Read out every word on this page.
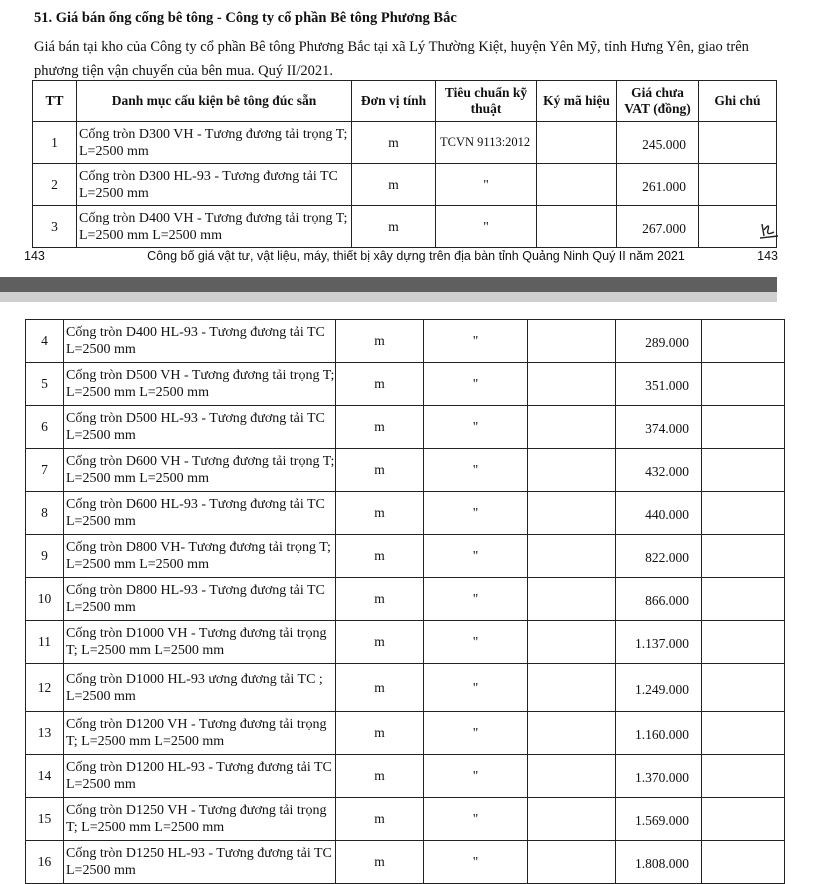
51. Giá bán ống cống bê tông - Công ty cổ phần Bê tông Phương Bắc
Giá bán tại kho của Công ty cổ phần Bê tông Phương Bắc tại xã Lý Thường Kiệt, huyện Yên Mỹ, tỉnh Hưng Yên, giao trên phương tiện vận chuyển của bên mua. Quý II/2021.
TT	Danh mục cấu kiện bê tông đúc sẵn	Đơn vị tính	Tiêu chuẩn kỹ thuật	Ký mã hiệu	Giá chưa VAT (đồng)	Ghi chú
1	Cống tròn D300 VH - Tương đương tải trọng T; L=2500 mm	m	TCVN 9113:2012		245.000	
2	Cống tròn D300 HL-93 - Tương đương tải TC L=2500 mm	m	"		261.000	
3	Cống tròn D400 VH - Tương đương tải trọng T; L=2500 mm L=2500 mm	m	"		267.000	
143	Công bố giá vật tư, vật liệu, máy, thiết bị xây dựng trên địa bàn tỉnh Quảng Ninh Quý II năm 2021	143
4	Cống tròn D400 HL-93 - Tương đương tải TC L=2500 mm	m	"		289.000	
5	Cống tròn D500 VH - Tương đương tải trọng T; L=2500 mm L=2500 mm	m	"		351.000	
6	Cống tròn D500 HL-93 - Tương đương tải TC L=2500 mm	m	"		374.000	
7	Cống tròn D600 VH - Tương đương tải trọng T; L=2500 mm L=2500 mm	m	"		432.000	
8	Cống tròn D600 HL-93 - Tương đương tải TC L=2500 mm	m	"		440.000	
9	Cống tròn D800 VH- Tương đương tải trọng T; L=2500 mm L=2500 mm	m	"		822.000	
10	Cống tròn D800 HL-93 - Tương đương tải TC L=2500 mm	m	"		866.000	
11	Cống tròn D1000 VH - Tương đương tải trọng T; L=2500 mm L=2500 mm	m	"		1.137.000	
12	Cống tròn D1000 HL-93 ương đương tải TC ; L=2500 mm	m	"		1.249.000	
13	Cống tròn D1200 VH - Tương đương tải trọng T; L=2500 mm L=2500 mm	m	"		1.160.000	
14	Cống tròn D1200 HL-93 - Tương đương tải TC L=2500 mm	m	"		1.370.000	
15	Cống tròn D1250 VH - Tương đương tải trọng T; L=2500 mm L=2500 mm	m	"		1.569.000	
16	Cống tròn D1250 HL-93 - Tương đương tải TC L=2500 mm	m	"		1.808.000	
